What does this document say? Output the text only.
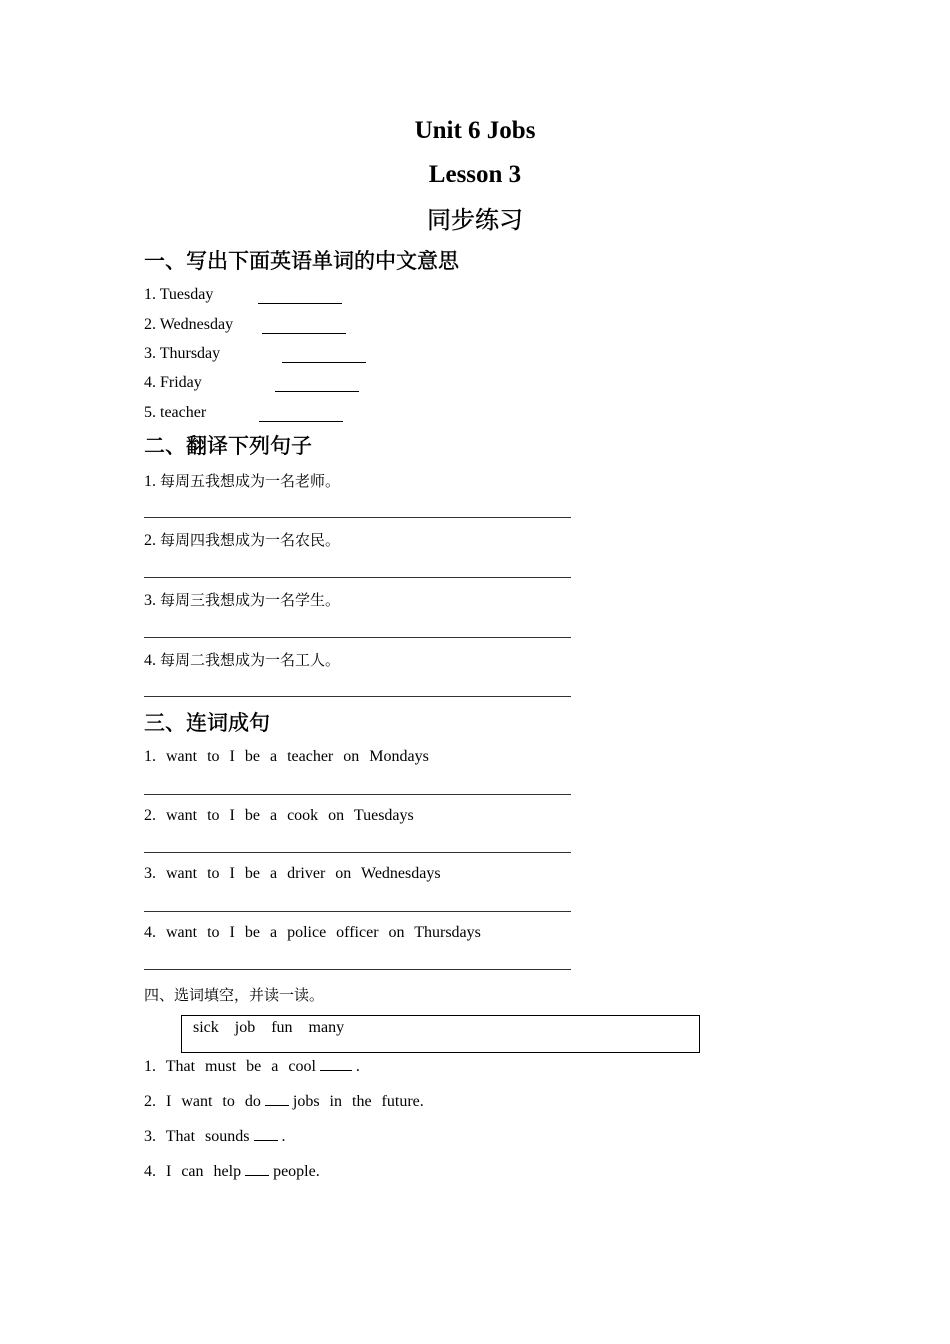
Unit 6 Jobs
Lesson 3
同步练习
一、写出下面英语单词的中文意思
1. Tuesday
2. Wednesday
3. Thursday
4. Friday
5. teacher
二、翻译下列句子
1. 每周五我想成为一名老师。
2. 每周四我想成为一名农民。
3. 每周三我想成为一名学生。
4. 每周二我想成为一名工人。
三、连词成句
1. want to I be a teacher on Mondays
2. want to I be a cook on Tuesdays
3. want to I be a driver on Wednesdays
4. want to I be a police officer on Thursdays
四、选词填空，并读一读。
sick job fun many
1. That must be a cool	.
2. I want to do jobs in the future.
3. That sounds .
4. I can help people.
